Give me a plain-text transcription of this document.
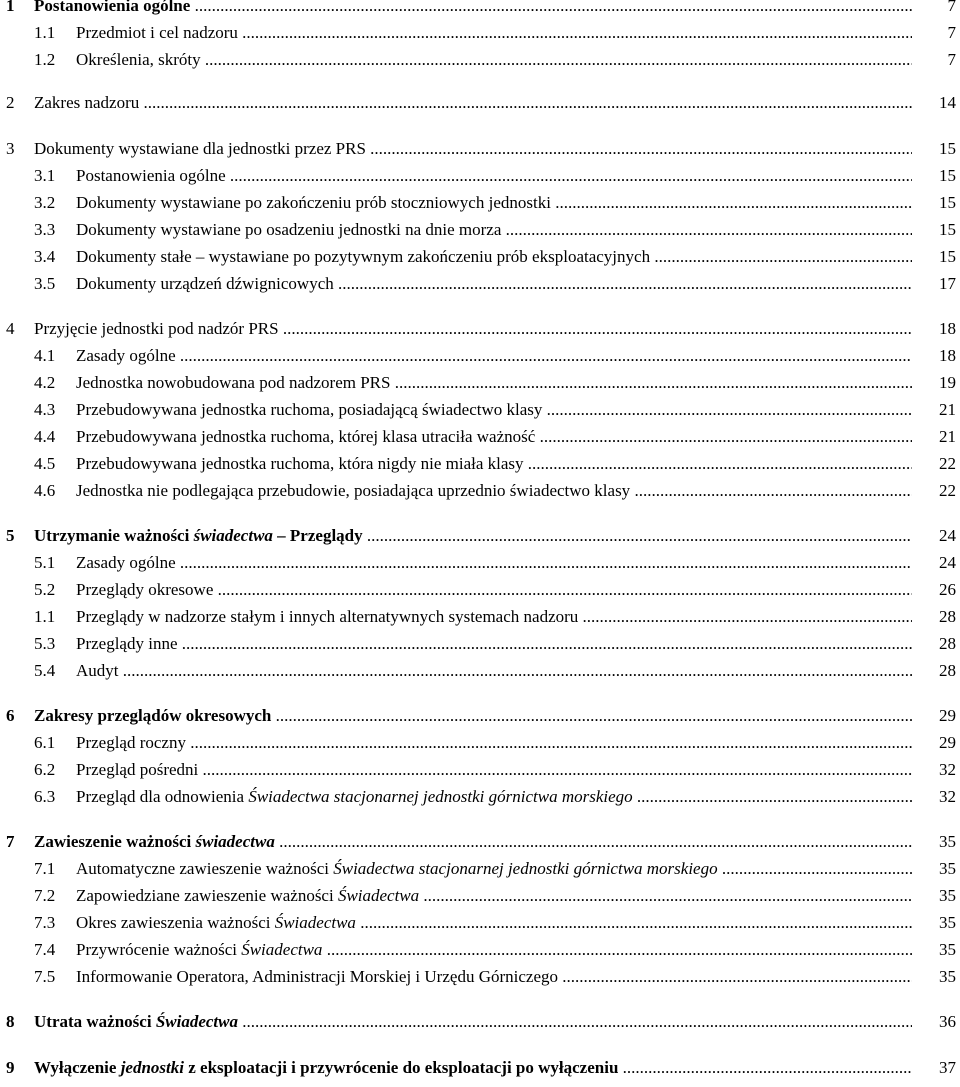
1 Postanowienia ogólne .....	7
1.1 Przedmiot i cel nadzoru .....	7
1.2 Określenia, skróty .....	7
2 Zakres nadzoru .....	14
3 Dokumenty wystawiane dla jednostki przez PRS .....	15
3.1 Postanowienia ogólne .....	15
3.2 Dokumenty wystawiane po zakończeniu prób stoczniowych jednostki .....	15
3.3 Dokumenty wystawiane po osadzeniu jednostki na dnie morza .....	15
3.4 Dokumenty stałe – wystawiane po pozytywnym zakończeniu prób eksploatacyjnych .....	15
3.5 Dokumenty urządzeń dźwignicowych .....	17
4 Przyjęcie jednostki pod nadzór PRS .....	18
4.1 Zasady ogólne .....	18
4.2 Jednostka nowobudowana pod nadzorem PRS .....	19
4.3 Przebudowywana jednostka ruchoma, posiadającą świadectwo klasy .....	21
4.4 Przebudowywana jednostka ruchoma, której klasa utraciła ważność .....	21
4.5 Przebudowywana jednostka ruchoma, która nigdy nie miała klasy .....	22
4.6 Jednostka nie podlegająca przebudowie, posiadająca uprzednio świadectwo klasy .....	22
5 Utrzymanie ważności świadectwa – Przeglądy .....	24
5.1 Zasady ogólne .....	24
5.2 Przeglądy okresowe .....	26
1.1 Przeglądy w nadzorze stałym i innych alternatywnych systemach nadzoru .....	28
5.3 Przeglądy inne .....	28
5.4 Audyt .....	28
6 Zakresy przeglądów okresowych .....	29
6.1 Przegląd roczny .....	29
6.2 Przegląd pośredni .....	32
6.3 Przegląd dla odnowienia Świadectwa stacjonarnej jednostki górnictwa morskiego .....	32
7 Zawieszenie ważności świadectwa .....	35
7.1 Automatyczne zawieszenie ważności Świadectwa stacjonarnej jednostki górnictwa morskiego .....	35
7.2 Zapowiedziane zawieszenie ważności Świadectwa .....	35
7.3 Okres zawieszenia ważności Świadectwa .....	35
7.4 Przywrócenie ważności Świadectwa .....	35
7.5 Informowanie Operatora, Administracji Morskiej i Urzędu Górniczego .....	35
8 Utrata ważności Świadectwa .....	36
9 Wyłączenie jednostki z eksploatacji i przywrócenie do eksploatacji po wyłączeniu .....	37
